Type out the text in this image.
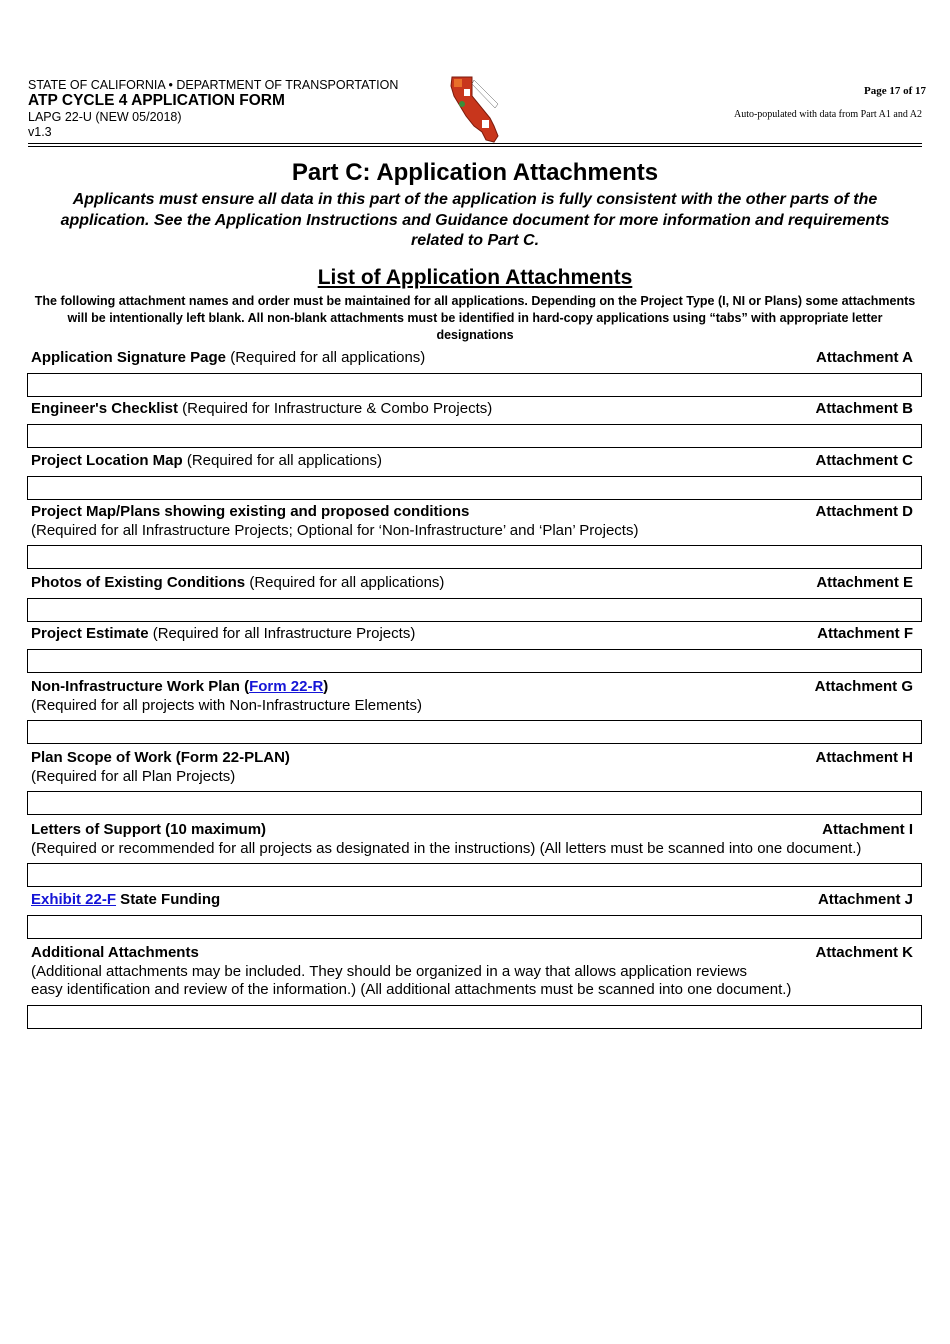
STATE OF CALIFORNIA • DEPARTMENT OF TRANSPORTATION
ATP CYCLE 4 APPLICATION FORM
LAPG 22-U (NEW 05/2018)
v1.3
Page 17 of 17
Auto-populated with data from Part A1 and A2
Part C: Application Attachments
Applicants must ensure all data in this part of the application is fully consistent with the other parts of the application. See the Application Instructions and Guidance document for more information and requirements related to Part C.
List of Application Attachments
The following attachment names and order must be maintained for all applications. Depending on the Project Type (I, NI or Plans) some attachments will be intentionally left blank. All non-blank attachments must be identified in hard-copy applications using “tabs” with appropriate letter designations
Application Signature Page (Required for all applications)	Attachment A
Engineer's Checklist (Required for Infrastructure & Combo Projects)	Attachment B
Project Location Map (Required for all applications)	Attachment C
Project Map/Plans showing existing and proposed conditions	Attachment D
(Required for all Infrastructure Projects; Optional for ‘Non-Infrastructure’ and ‘Plan’ Projects)
Photos of Existing Conditions (Required for all applications)	Attachment E
Project Estimate (Required for all Infrastructure Projects)	Attachment F
Non-Infrastructure Work Plan (Form 22-R)	Attachment G
(Required for all projects with Non-Infrastructure Elements)
Plan Scope of Work (Form 22-PLAN)	Attachment H
(Required for all Plan Projects)
Letters of Support (10 maximum)	Attachment I
(Required or recommended for all projects as designated in the instructions) (All letters must be scanned into one document.)
Exhibit 22-F State Funding	Attachment J
Additional Attachments	Attachment K
(Additional attachments may be included. They should be organized in a way that allows application reviews
easy identification and review of the information.) (All additional attachments must be scanned into one document.)
